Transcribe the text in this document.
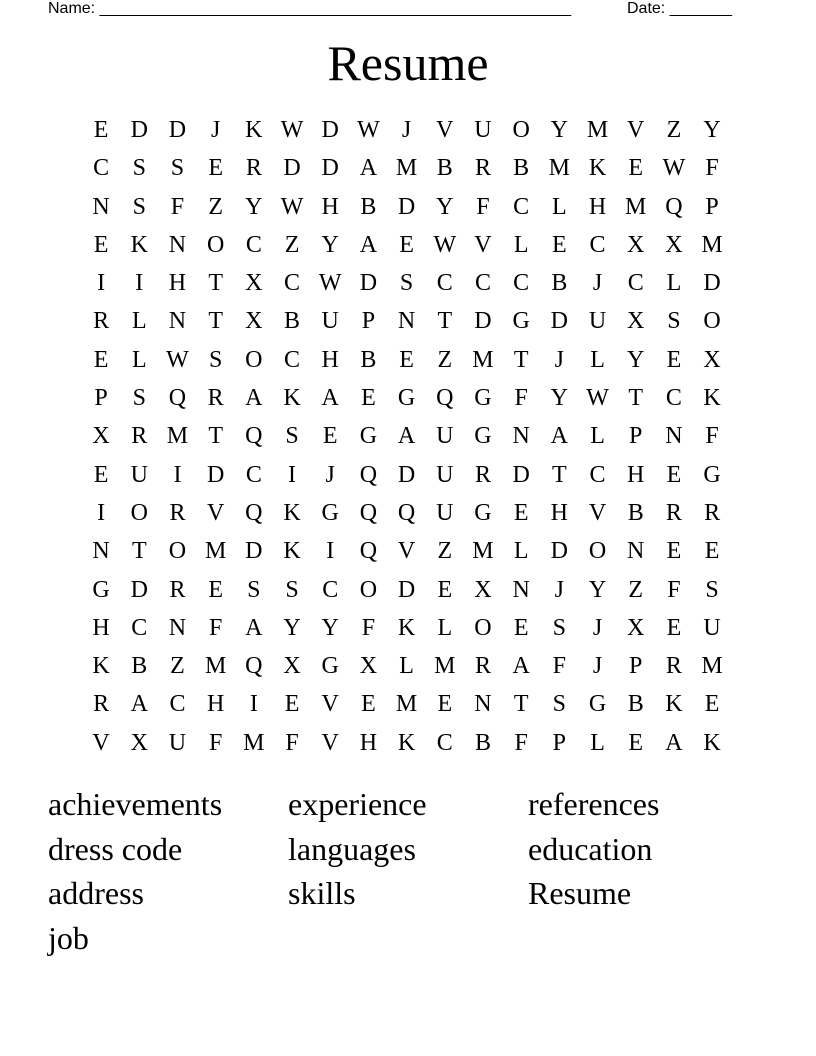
Name: _____________________________________________________	Date: _______
Resume
E D D	J	K W D W J	V U O Y M V Z Y
C S	S	E R D D A M B R B M K E W F
N S	F	Z Y W H B D Y F C L H M Q P
E K N O C Z Y A E W V L E C X X M
I	I	H T X C W D S C C C B	J	C L D
R L N T X B U P N T D G D U X S O
E L W S O C H B E Z M T	J	L Y E X
P	S Q R A K A E G Q G F Y W T C K
X R M T Q S	E G A U G N A L	P N F
E U	I	D C	I	J	Q D U R D T C H E G
I	O R V Q K G Q Q U G E H V B R R
N T O M D K	I	Q V Z M L D O N E E
G D R E	S	S C O D E X N	J	Y Z	F	S
H C N F A Y Y F K L O E	S	J	X E U
K B Z M Q X G X L M R A F	J	P R M
R A C H	I	E V E M E N T	S G B K E
V X U F M F V H K C B F	P	L E A K
achievements experience	references
dress code	languages	education
address	skills	Resume
job
